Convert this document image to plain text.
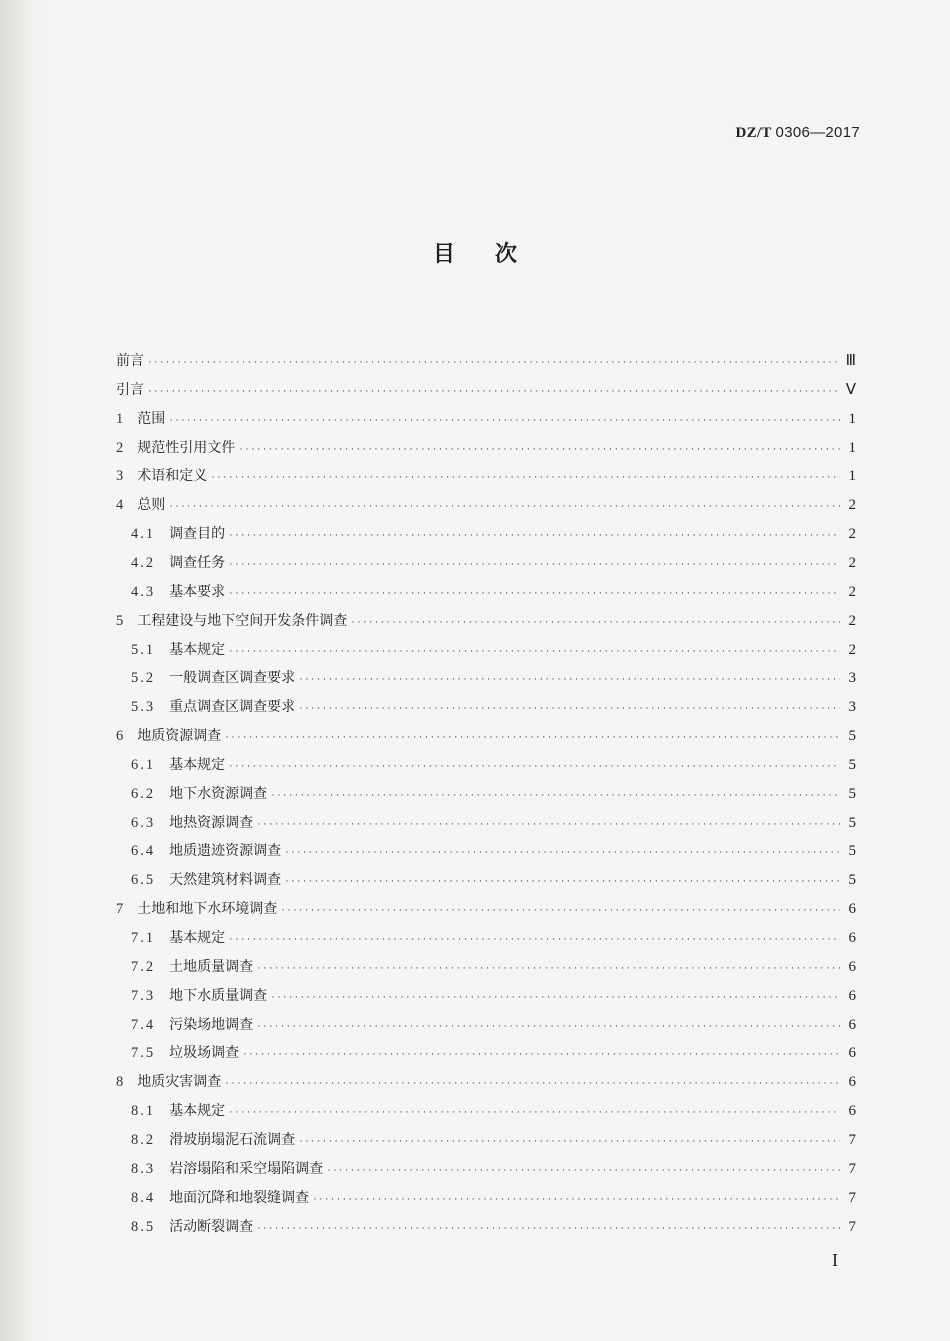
DZ/T 0306—2017
目次
前言 ·····	Ⅲ
引言 ·····	Ⅴ
1 范围 ·····	1
2 规范性引用文件 ·····	1
3 术语和定义 ·····	1
4 总则 ·····	2
4.1 调查目的 ·····	2
4.2 调查任务 ·····	2
4.3 基本要求 ·····	2
5 工程建设与地下空间开发条件调查 ·····	2
5.1 基本规定 ·····	2
5.2 一般调查区调查要求 ·····	3
5.3 重点调查区调查要求 ·····	3
6 地质资源调查 ·····	5
6.1 基本规定 ·····	5
6.2 地下水资源调查 ·····	5
6.3 地热资源调查 ·····	5
6.4 地质遗迹资源调查 ·····	5
6.5 天然建筑材料调查 ·····	5
7 土地和地下水环境调查 ·····	6
7.1 基本规定 ·····	6
7.2 土地质量调查 ·····	6
7.3 地下水质量调查 ·····	6
7.4 污染场地调查 ·····	6
7.5 垃圾场调查 ·····	6
8 地质灾害调查 ·····	6
8.1 基本规定 ·····	6
8.2 滑坡崩塌泥石流调查 ·····	7
8.3 岩溶塌陷和采空塌陷调查 ·····	7
8.4 地面沉降和地裂缝调查 ·····	7
8.5 活动断裂调查 ·····	7
I
